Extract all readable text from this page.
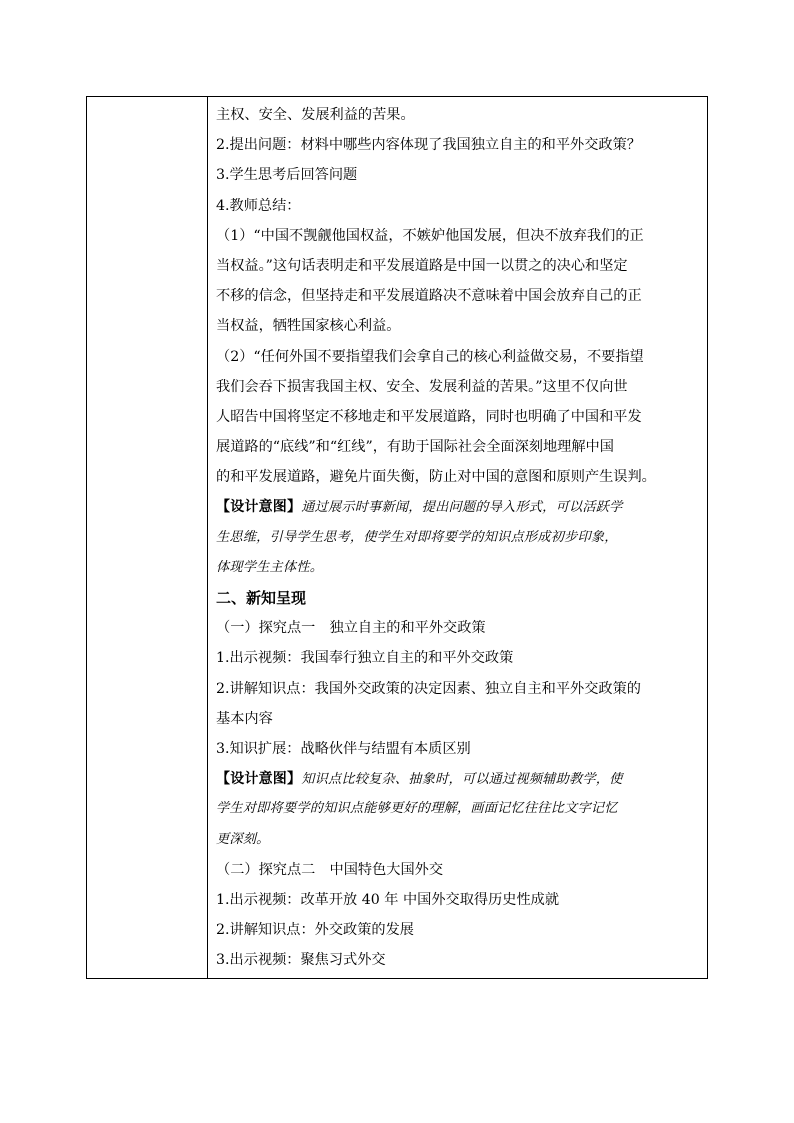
主权、安全、发展利益的苦果。
2.提出问题：材料中哪些内容体现了我国独立自主的和平外交政策？
3.学生思考后回答问题
4.教师总结：
（1）“中国不觊觎他国权益，不嫉妒他国发展，但决不放弃我们的正
当权益。”这句话表明走和平发展道路是中国一以贯之的决心和坚定
不移的信念，但坚持走和平发展道路决不意味着中国会放弃自己的正
当权益，牺牲国家核心利益。
（2）“任何外国不要指望我们会拿自己的核心利益做交易，不要指望
我们会吞下损害我国主权、安全、发展利益的苦果。”这里不仅向世
人昭告中国将坚定不移地走和平发展道路，同时也明确了中国和平发
展道路的“底线”和“红线”，有助于国际社会全面深刻地理解中国
的和平发展道路，避免片面失衡，防止对中国的意图和原则产生误判。
【设计意图】通过展示时事新闻，提出问题的导入形式，可以活跃学
生思维，引导学生思考，使学生对即将要学的知识点形成初步印象，
体现学生主体性。
二、新知呈现
（一）探究点一　独立自主的和平外交政策
1.出示视频：我国奉行独立自主的和平外交政策
2.讲解知识点：我国外交政策的决定因素、独立自主和平外交政策的
基本内容
3.知识扩展：战略伙伴与结盟有本质区别
【设计意图】知识点比较复杂、抽象时，可以通过视频辅助教学，使
学生对即将要学的知识点能够更好的理解，画面记忆往往比文字记忆
更深刻。
（二）探究点二　中国特色大国外交
1.出示视频：改革开放 40 年 中国外交取得历史性成就
2.讲解知识点：外交政策的发展
3.出示视频：聚焦习式外交
